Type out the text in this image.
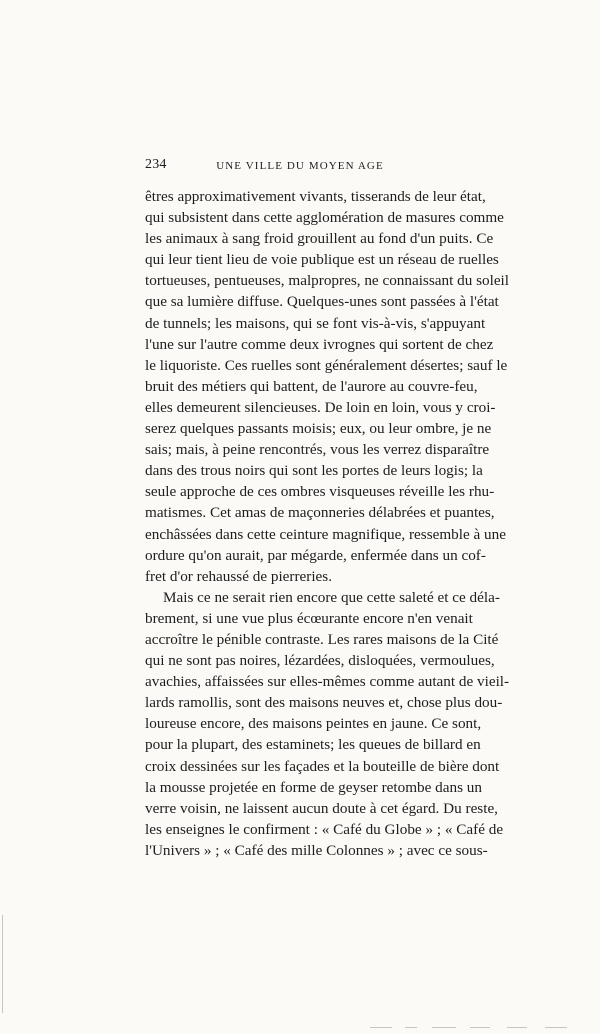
234	UNE VILLE DU MOYEN AGE
êtres approximativement vivants, tisserands de leur état,
qui subsistent dans cette agglomération de masures comme
les animaux à sang froid grouillent au fond d'un puits. Ce
qui leur tient lieu de voie publique est un réseau de ruelles
tortueuses, pentueuses, malpropres, ne connaissant du soleil
que sa lumière diffuse. Quelques-unes sont passées à l'état
de tunnels; les maisons, qui se font vis-à-vis, s'appuyant
l'une sur l'autre comme deux ivrognes qui sortent de chez
le liquoriste. Ces ruelles sont généralement désertes; sauf le
bruit des métiers qui battent, de l'aurore au couvre-feu,
elles demeurent silencieuses. De loin en loin, vous y croi-
serez quelques passants moisis; eux, ou leur ombre, je ne
sais; mais, à peine rencontrés, vous les verrez disparaître
dans des trous noirs qui sont les portes de leurs logis; la
seule approche de ces ombres visqueuses réveille les rhu-
matismes. Cet amas de maçonneries délabrées et puantes,
enchâssées dans cette ceinture magnifique, ressemble à une
ordure qu'on aurait, par mégarde, enfermée dans un cof-
fret d'or rehaussé de pierreries.
Mais ce ne serait rien encore que cette saleté et ce déla-
brement, si une vue plus écœurante encore n'en venait
accroître le pénible contraste. Les rares maisons de la Cité
qui ne sont pas noires, lézardées, disloquées, vermoulues,
avachies, affaissées sur elles-mêmes comme autant de vieil-
lards ramollis, sont des maisons neuves et, chose plus dou-
loureuse encore, des maisons peintes en jaune. Ce sont,
pour la plupart, des estaminets; les queues de billard en
croix dessinées sur les façades et la bouteille de bière dont
la mousse projetée en forme de geyser retombe dans un
verre voisin, ne laissent aucun doute à cet égard. Du reste,
les enseignes le confirment : « Café du Globe » ; « Café de
l'Univers » ; « Café des mille Colonnes » ; avec ce sous-
